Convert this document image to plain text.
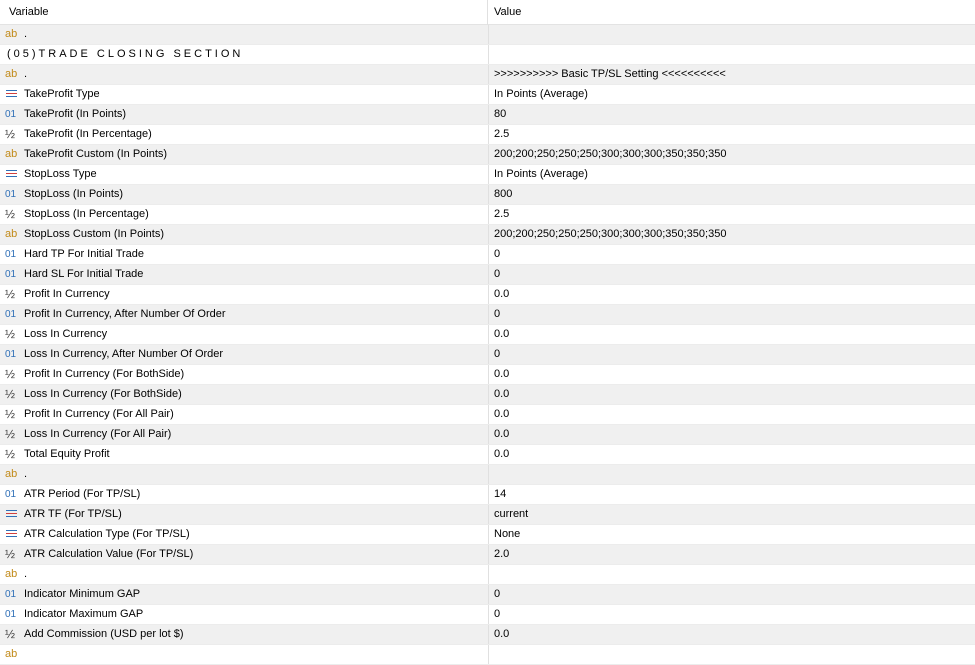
Variable	Value
ab .
(05)TRADE CLOSING SECTION
ab .	>>>>>>>>>> Basic TP/SL Setting <<<<<<<<<<
TakeProfit Type	In Points (Average)
01 TakeProfit (In Points)	80
½ TakeProfit (In Percentage)	2.5
ab TakeProfit Custom (In Points)	200;200;250;250;250;300;300;300;350;350;350
StopLoss Type	In Points (Average)
01 StopLoss (In Points)	800
½ StopLoss (In Percentage)	2.5
ab StopLoss Custom (In Points)	200;200;250;250;250;300;300;300;350;350;350
01 Hard TP For Initial Trade	0
01 Hard SL For Initial Trade	0
½ Profit In Currency	0.0
01 Profit In Currency, After Number Of Order	0
½ Loss In Currency	0.0
01 Loss In Currency, After Number Of Order	0
½ Profit In Currency (For BothSide)	0.0
½ Loss In Currency (For BothSide)	0.0
½ Profit In Currency (For All Pair)	0.0
½ Loss In Currency (For All Pair)	0.0
½ Total Equity Profit	0.0
ab .
01 ATR Period (For TP/SL)	14
ATR TF (For TP/SL)	current
ATR Calculation Type (For TP/SL)	None
½ ATR Calculation Value (For TP/SL)	2.0
ab .
01 Indicator Minimum GAP	0
01 Indicator Maximum GAP	0
½ Add Commission (USD per lot $)	0.0
ab
